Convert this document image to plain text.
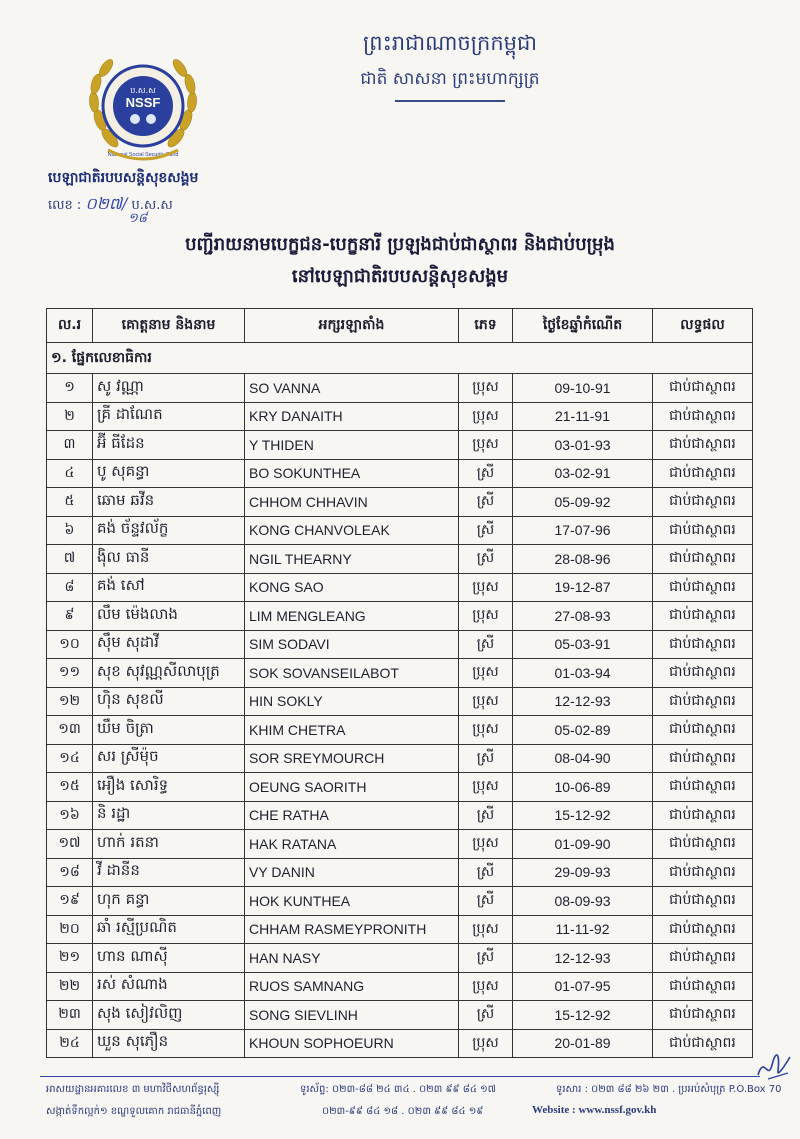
ព្រះរាជាណាចក្រកម្ពុជា
ជាតិ សាសនា ព្រះមហាក្សត្រ
ប.ស.ស
NSSF
National Social Security Fund
បេឡាជាតិរបបសន្តិសុខសង្គម
លេខ : ០២៧/ ប.ស.ស
១៨
បញ្ជីរាយនាមបេក្ខជន-បេក្ខនារី ប្រឡងជាប់ជាស្ថាពរ និងជាប់បម្រុង
នៅបេឡាជាតិរបបសន្តិសុខសង្គម
ល.រ	គោត្តនាម និងនាម	អក្សរឡាតាំង	ភេទ	ថ្ងៃខែឆ្នាំកំណើត	លទ្ធផល
១. ផ្នែកលេខាធិការ					
១	សូ វណ្ណា	SO VANNA	ប្រុស	09-10-91	ជាប់ជាស្ថាពរ
២	គ្រី ដាណែត	KRY DANAITH	ប្រុស	21-11-91	ជាប់ជាស្ថាពរ
៣	អ៊ី ធីដែន	Y THIDEN	ប្រុស	03-01-93	ជាប់ជាស្ថាពរ
៤	បូ សុគន្ធា	BO SOKUNTHEA	ស្រី	03-02-91	ជាប់ជាស្ថាពរ
៥	ឆោម ឆវីន	CHHOM CHHAVIN	ស្រី	05-09-92	ជាប់ជាស្ថាពរ
៦	គង់ ច័ន្ទវល័ក្ខ	KONG CHANVOLEAK	ស្រី	17-07-96	ជាប់ជាស្ថាពរ
៧	ង៉ិល ធានី	NGIL THEARNY	ស្រី	28-08-96	ជាប់ជាស្ថាពរ
៨	គង់ សៅ	KONG SAO	ប្រុស	19-12-87	ជាប់ជាស្ថាពរ
៩	លឹម ម៉េងលាង	LIM MENGLEANG	ប្រុស	27-08-93	ជាប់ជាស្ថាពរ
១០	ស៊ឹម សុដាវី	SIM SODAVI	ស្រី	05-03-91	ជាប់ជាស្ថាពរ
១១	សុខ សុវណ្ណសីលាបុត្រ	SOK SOVANSEILABOT	ប្រុស	01-03-94	ជាប់ជាស្ថាពរ
១២	ហ៊ិន សុខលី	HIN SOKLY	ប្រុស	12-12-93	ជាប់ជាស្ថាពរ
១៣	ឃឹម ចិត្រា	KHIM CHETRA	ប្រុស	05-02-89	ជាប់ជាស្ថាពរ
១៤	សរ ស្រីម៉ុច	SOR SREYMOURCH	ស្រី	08-04-90	ជាប់ជាស្ថាពរ
១៥	អឿង សោរិទ្ធ	OEUNG SAORITH	ប្រុស	10-06-89	ជាប់ជាស្ថាពរ
១៦	និ រដ្ឋា	CHE RATHA	ស្រី	15-12-92	ជាប់ជាស្ថាពរ
១៧	ហាក់ រតនា	HAK RATANA	ប្រុស	01-09-90	ជាប់ជាស្ថាពរ
១៨	វី ដានីន	VY DANIN	ស្រី	29-09-93	ជាប់ជាស្ថាពរ
១៩	ហុក គន្ធា	HOK KUNTHEA	ស្រី	08-09-93	ជាប់ជាស្ថាពរ
២០	ឆាំ រស្មីប្រណិត	CHHAM RASMEYPRONITH	ប្រុស	11-11-92	ជាប់ជាស្ថាពរ
២១	ហាន ណាស៊ី	HAN NASY	ស្រី	12-12-93	ជាប់ជាស្ថាពរ
២២	រស់ សំណាង	RUOS SAMNANG	ប្រុស	01-07-95	ជាប់ជាស្ថាពរ
២៣	សុង សៀវលិញ	SONG SIEVLINH	ស្រី	15-12-92	ជាប់ជាស្ថាពរ
២៤	ឃួន សុភឿន	KHOUN SOPHOEURN	ប្រុស	20-01-89	ជាប់ជាស្ថាពរ
អាសយដ្ឋានអគារលេខ ៣ មហាវិថីសហព័ន្ធរុស្ស៊ី
សង្កាត់ទឹកល្អក់១ ខណ្ឌទួលគោក រាជធានីភ្នំពេញ
ទូរស័ព្ទ: ០២៣-៨៨ ២៤ ៣៤ . ០២៣ ៩៩ ៨៤ ១៧
០២៣-៩៩ ៨៤ ១៨ . ០២៣ ៩៩ ៨៤ ១៩
ទូរសារ : ០២៣ ៨៨ ២៦ ២៣ . ប្រអប់សំបុត្រ P.O.Box 70
Website : www.nssf.gov.kh
